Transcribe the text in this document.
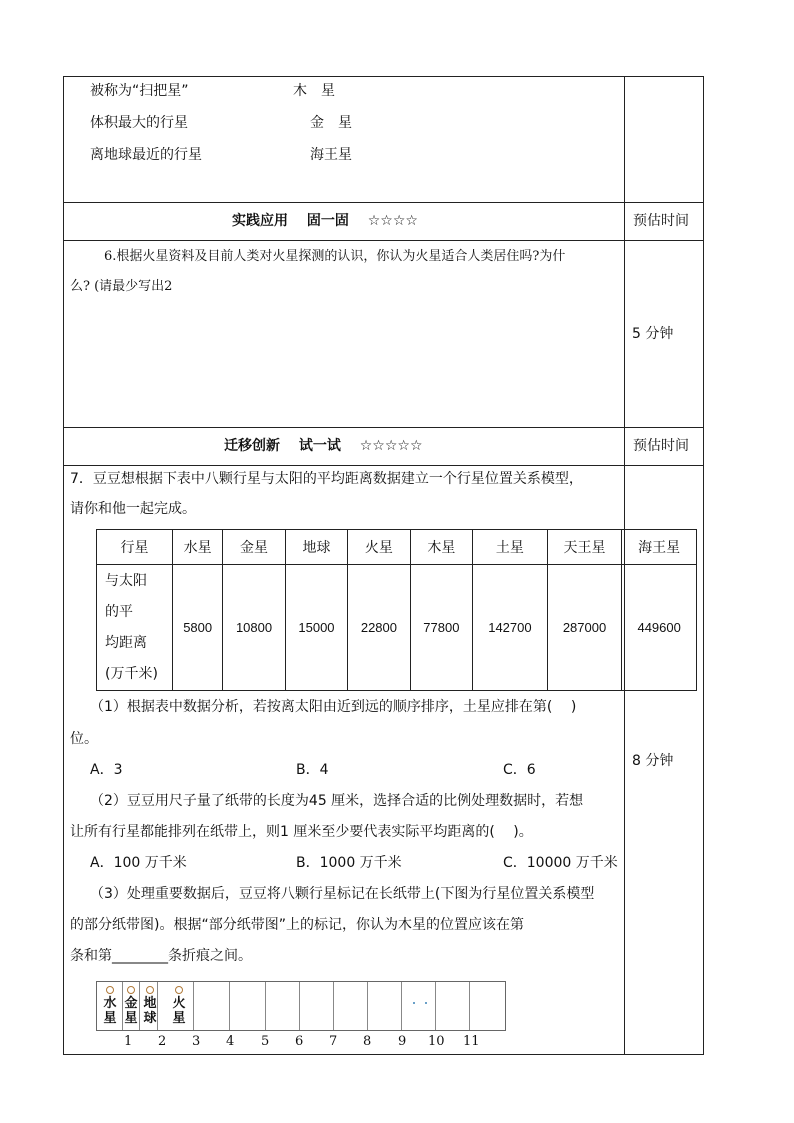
被称为“扫把星”	木　星
体积最大的行星	金　星
离地球最近的行星	海王星
实践应用　 固一固　 ☆☆☆☆	预估时间
6.根据火星资料及目前人类对火星探测的认识，你认为火星适合人类居住吗?为什
么? (请最少写出2
5 分钟
迁移创新　 试一试　 ☆☆☆☆☆	预估时间
7．豆豆想根据下表中八颗行星与太阳的平均距离数据建立一个行星位置关系模型，
请你和他一起完成。
行星	水星	金星	地球	火星	木星	土星	天王星	海王星

与太阳
的平
均距离
(万千米)	5800	10800	15000	22800	77800	142700	287000	449600
（1）根据表中数据分析，若按离太阳由近到远的顺序排序，土星应排在第(　 )
位。
A．3	B．4	C．6
8 分钟
（2）豆豆用尺子量了纸带的长度为45 厘米，选择合适的比例处理数据时，若想
让所有行星都能排列在纸带上，则1 厘米至少要代表实际平均距离的(　 )。
A．100 万千米	B．1000 万千米	C．10000 万千米
（3）处理重要数据后，豆豆将八颗行星标记在长纸带上(下图为行星位置关系模型
的部分纸带图)。根据“部分纸带图”上的标记，你认为木星的位置应该在第
条和第________条折痕之间。
水星
金星
地球
火星
1 2 3 4 5 6 7 8 9 10 11
